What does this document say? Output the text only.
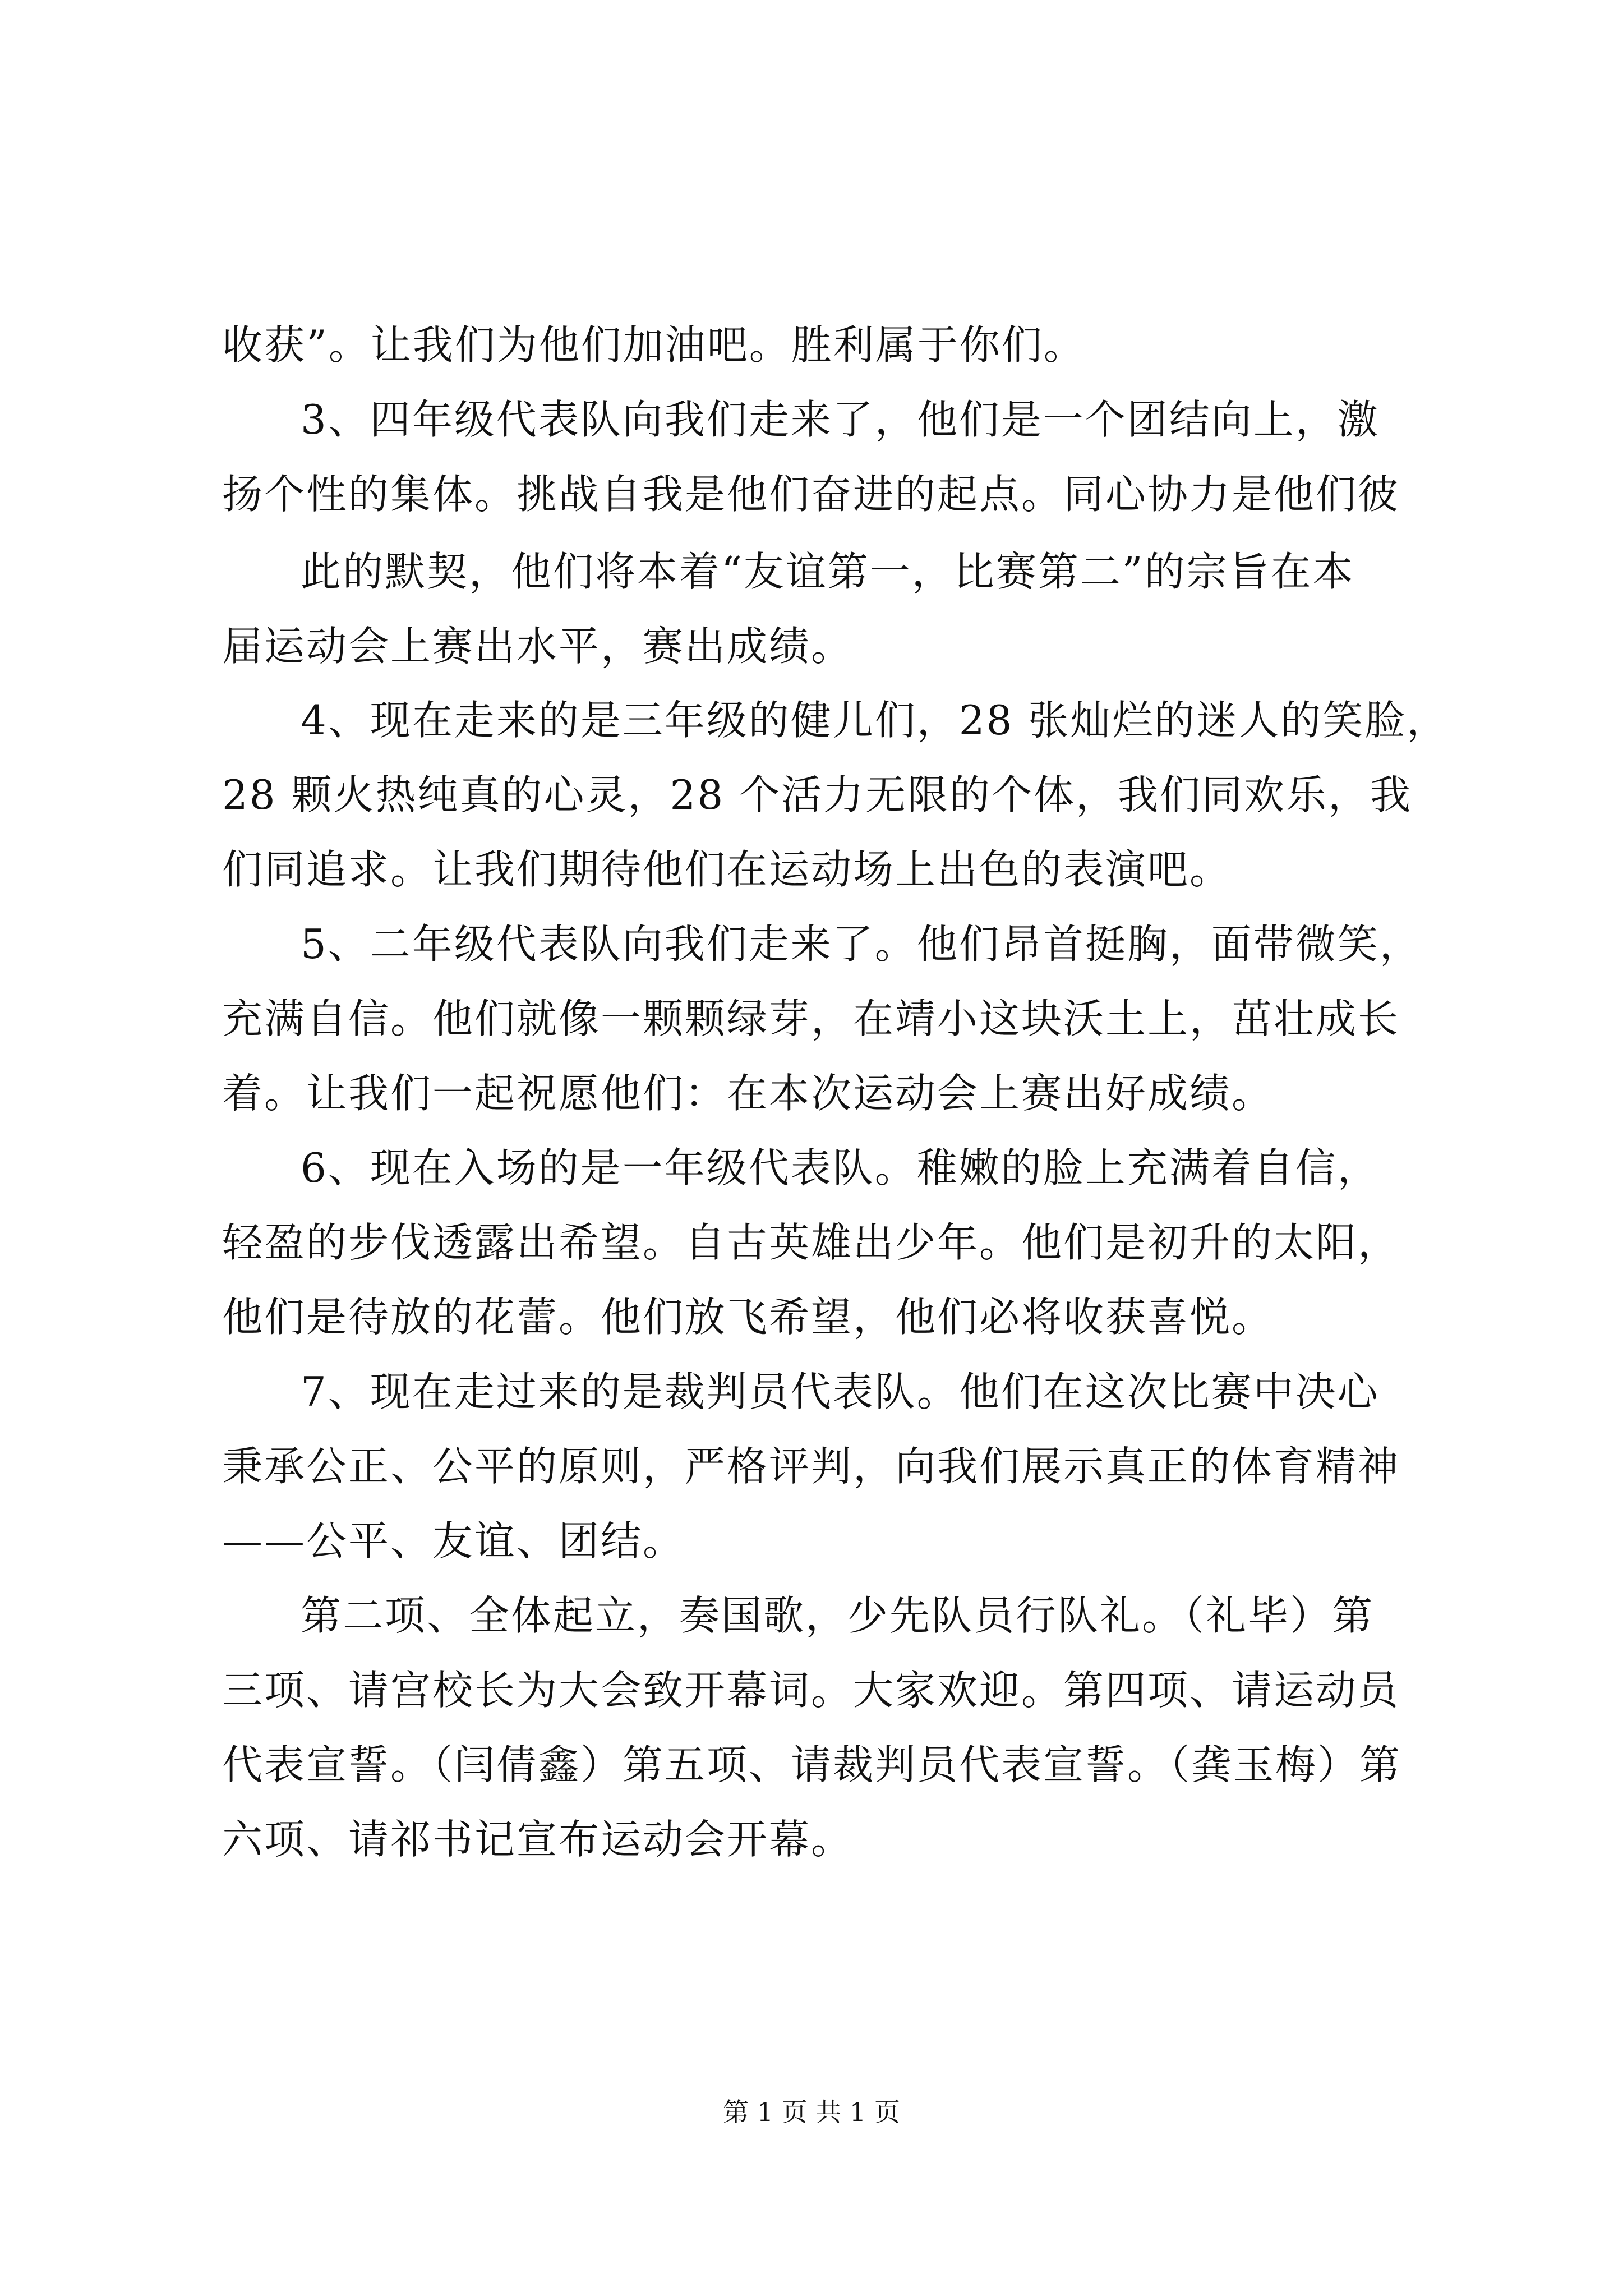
收获”。让我们为他们加油吧。胜利属于你们。
3、四年级代表队向我们走来了，他们是一个团结向上，激
扬个性的集体。挑战自我是他们奋进的起点。同心协力是他们彼
此的默契，他们将本着“友谊第一，比赛第二”的宗旨在本
届运动会上赛出水平，赛出成绩。
4、现在走来的是三年级的健儿们，28 张灿烂的迷人的笑脸，
28 颗火热纯真的心灵，28 个活力无限的个体，我们同欢乐，我
们同追求。让我们期待他们在运动场上出色的表演吧。
5、二年级代表队向我们走来了。他们昂首挺胸，面带微笑，
充满自信。他们就像一颗颗绿芽，在靖小这块沃土上，茁壮成长
着。让我们一起祝愿他们：在本次运动会上赛出好成绩。
6、现在入场的是一年级代表队。稚嫩的脸上充满着自信，
轻盈的步伐透露出希望。自古英雄出少年。他们是初升的太阳，
他们是待放的花蕾。他们放飞希望，他们必将收获喜悦。
7、现在走过来的是裁判员代表队。他们在这次比赛中决心
秉承公正、公平的原则，严格评判，向我们展示真正的体育精神
——公平、友谊、团结。
第二项、全体起立，奏国歌，少先队员行队礼。（礼毕）第
三项、请宫校长为大会致开幕词。大家欢迎。第四项、请运动员
代表宣誓。（闫倩鑫）第五项、请裁判员代表宣誓。（龚玉梅）第
六项、请祁书记宣布运动会开幕。
第 1 页 共 1 页
